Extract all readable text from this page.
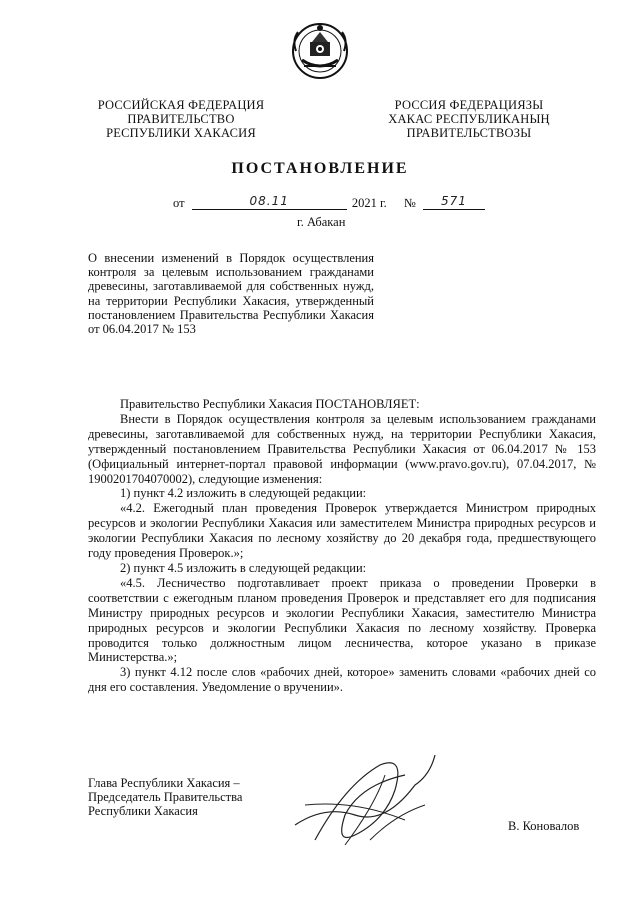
РОССИЙСКАЯ ФЕДЕРАЦИЯ
ПРАВИТЕЛЬСТВО
РЕСПУБЛИКИ ХАКАСИЯ
РОССИЯ ФЕДЕРАЦИЯЗЫ
ХАКАС РЕСПУБЛИКАНЫҢ
ПРАВИТЕЛЬСТВОЗЫ
ПОСТАНОВЛЕНИЕ
от	08.11	2021 г. №	571
г. Абакан
О внесении изменений в Порядок осуществления контроля за целевым использованием гражданами древесины, заготавливаемой для собственных нужд, на территории Республики Хакасия, утвержденный постановлением Правительства Республики Хакасия от 06.04.2017 № 153

Правительство Республики Хакасия ПОСТАНОВЛЯЕТ:

Внести в Порядок осуществления контроля за целевым использованием гражданами древесины, заготавливаемой для собственных нужд, на территории Республики Хакасия, утвержденный постановлением Правительства Республики Хакасия от 06.04.2017 № 153 (Официальный интернет-портал правовой информации (www.pravo.gov.ru), 07.04.2017, № 1900201704070002), следующие изменения:

1) пункт 4.2 изложить в следующей редакции:

«4.2. Ежегодный план проведения Проверок утверждается Министром природных ресурсов и экологии Республики Хакасия или заместителем Министра природных ресурсов и экологии Республики Хакасия по лесному хозяйству до 20 декабря года, предшествующего году проведения Проверок.»;

2) пункт 4.5 изложить в следующей редакции:

«4.5. Лесничество подготавливает проект приказа о проведении Проверки в соответствии с ежегодным планом проведения Проверок и представляет его для подписания Министру природных ресурсов и экологии Республики Хакасия, заместителю Министра природных ресурсов и экологии Республики Хакасия по лесному хозяйству. Проверка проводится только должностным лицом лесничества, которое указано в приказе Министерства.»;

3) пункт 4.12 после слов «рабочих дней, которое» заменить словами «рабочих дней со дня его составления. Уведомление о вручении».

Глава Республики Хакасия –
Председатель Правительства
Республики Хакасия
В. Коновалов
